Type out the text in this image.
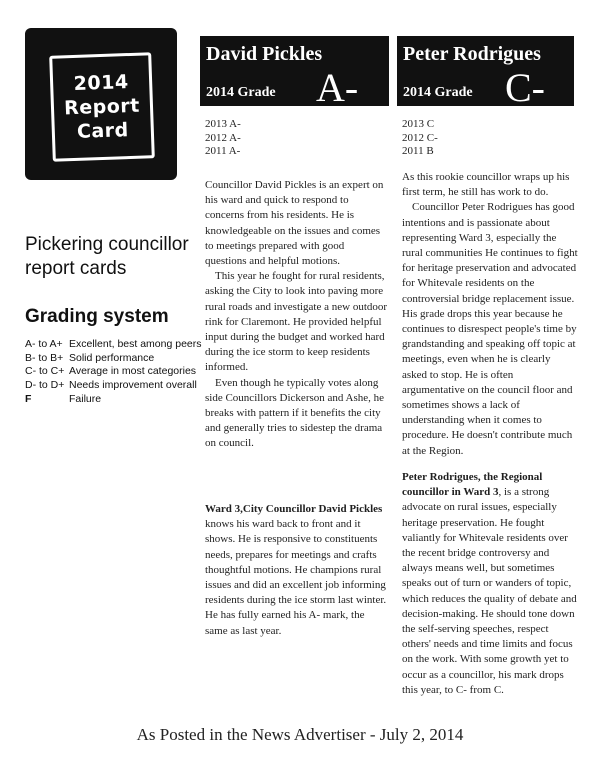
2014
Report
Card
Pickering councillor
report cards
Grading system
A- to A+ Excellent, best among peers
B- to B+ Solid performance
C- to C+ Average in most categories
D- to D+ Needs improvement overall
F	Failure
David Pickles
2014 Grade A-
Peter Rodrigues
2014 Grade C-
2013 A-
2012 A-
2011 A-
2013 C
2012 C-
2011 B

Councillor David Pickles is an expert on his ward and quick to respond to concerns from his residents. He is knowledgeable on the issues and comes to meetings prepared with good questions and helpful motions.

This year he fought for rural residents, asking the City to look into paving more rural roads and investigate a new outdoor rink for Claremont. He provided helpful input during the budget and worked hard during the ice storm to keep residents informed.

Even though he typically votes along side Councillors Dickerson and Ashe, he breaks with pattern if it benefits the city and generally tries to sidestep the drama on council.

Ward 3,City Councillor David Pickles knows his ward back to front and it shows. He is responsive to constituents needs, prepares for meetings and crafts thoughtful motions. He champions rural issues and did an excellent job informing residents during the ice storm last winter. He has fully earned his A- mark, the same as last year.

As this rookie councillor wraps up his first term, he still has work to do.

Councillor Peter Rodrigues has good intentions and is passionate about representing Ward 3, especially the rural communities He continues to fight for heritage preservation and advocated for Whitevale residents on the controversial bridge replacement issue. His grade drops this year because he continues to disrespect people's time by grandstanding and speaking off topic at meetings, even when he is clearly asked to stop. He is often argumentative on the council floor and sometimes shows a lack of understanding when it comes to procedure. He doesn't contribute much at the Region.

Peter Rodrigues, the Regional councillor in Ward 3, is a strong advocate on rural issues, especially heritage preservation. He fought valiantly for Whitevale residents over the recent bridge controversy and always means well, but sometimes speaks out of turn or wanders of topic, which reduces the quality of debate and decision-making. He should tone down the self-serving speeches, respect others' needs and time limits and focus on the work. With some growth yet to occur as a councillor, his mark drops this year, to C- from C.

As Posted in the News Advertiser - July 2, 2014
